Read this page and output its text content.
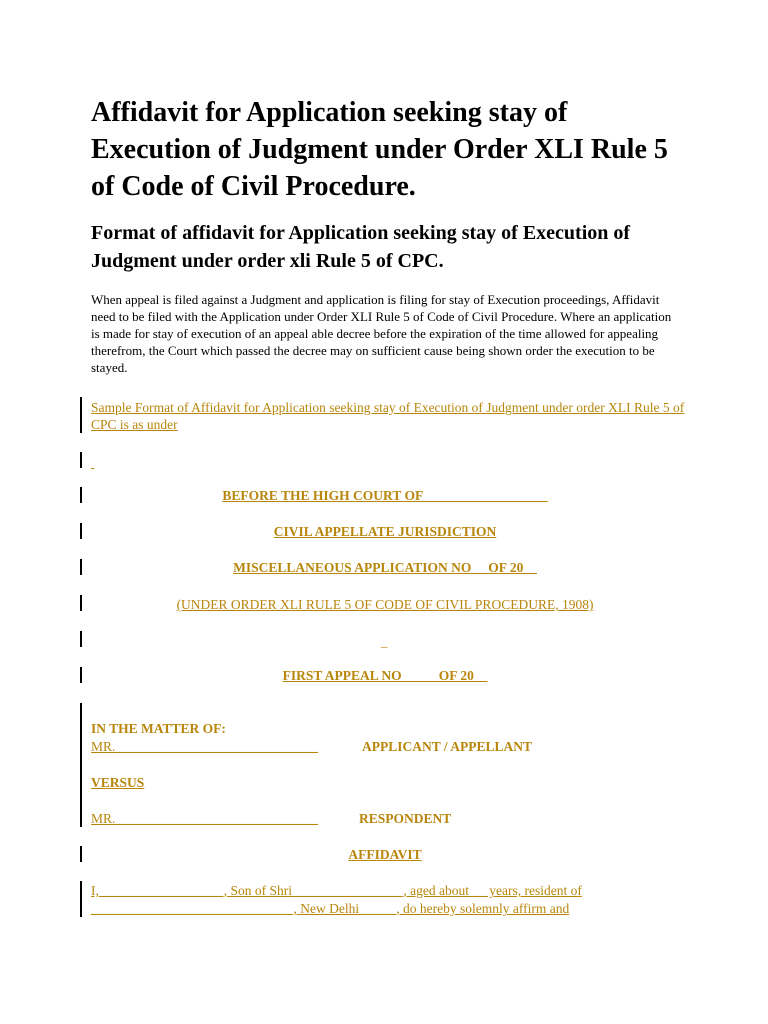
Affidavit for Application seeking stay of Execution of Judgment under Order XLI Rule 5 of Code of Civil Procedure.
Format of affidavit for Application seeking stay of Execution of Judgment under order xli Rule 5 of CPC.
When appeal is filed against a Judgment and application is filing for stay of Execution proceedings, Affidavit need to be filed with the Application under Order XLI Rule 5 of Code of Civil Procedure. Where an application is made for stay of execution of an appeal able decree before the expiration of the time allowed for appealing therefrom, the Court which passed the decree may on sufficient cause being shown order the execution to be stayed.
Sample Format of Affidavit for Application seeking stay of Execution of Judgment under order XLI Rule 5 of CPC is as under

BEFORE THE HIGH COURT OF __________________
CIVIL APPELLATE JURISDICTION
MISCELLANEOUS APPLICATION NO__ OF 20__
(UNDER ORDER XLI RULE 5 OF CODE OF CIVIL PROCEDURE, 1908)
_
FIRST APPEAL NO _____OF 20__
IN THE MATTER OF:
MR.______________________________	APPLICANT / APPELLANT
VERSUS
MR.______________________________	RESPONDENT
AFFIDAVIT
I, __________________, Son of Shri ________________, aged about __ years, resident of
______________________________, New Delhi _____, do hereby solemnly affirm and
